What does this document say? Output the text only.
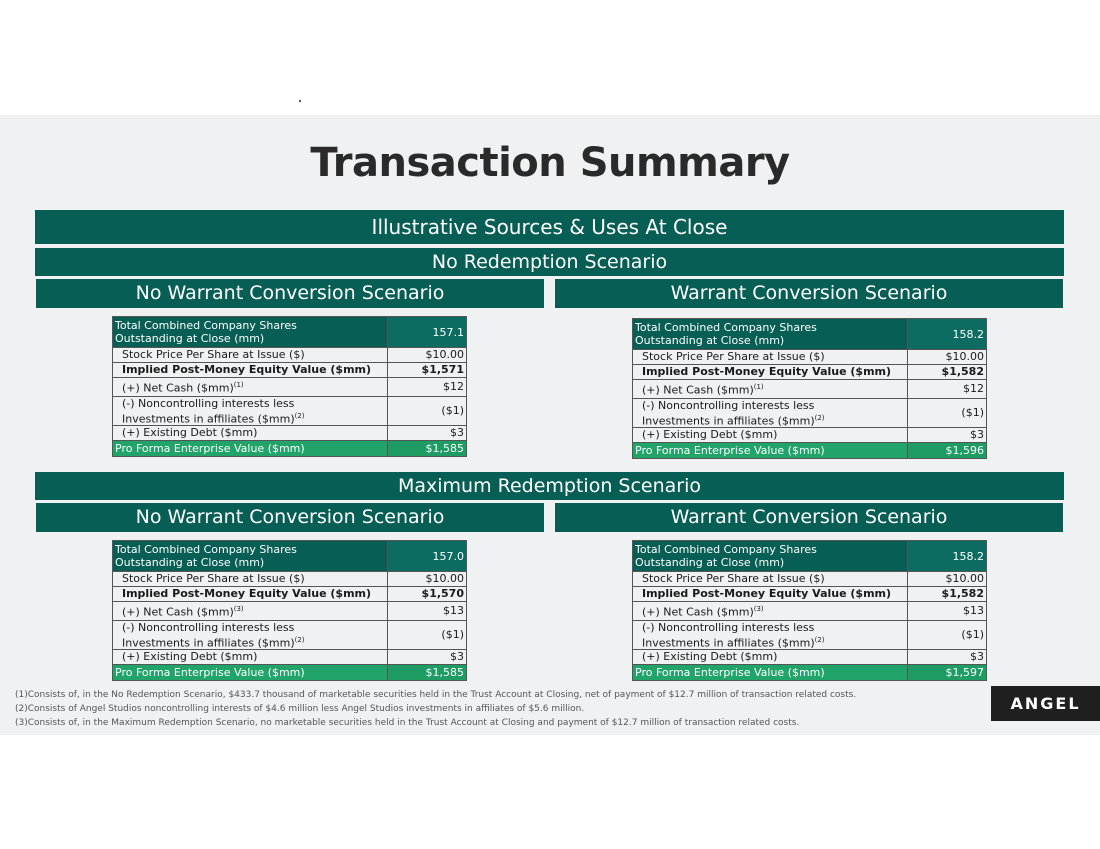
Transaction Summary
Illustrative Sources & Uses At Close
No Redemption Scenario
No Warrant Conversion Scenario	Warrant Conversion Scenario
Total Combined Company Shares
Outstanding at Close (mm)	157.1

Stock Price Per Share at Issue ($)	$10.00
Implied Post-Money Equity Value ($mm)	$1,571
(+) Net Cash ($mm)$^{(1)}$	$12
(-) Noncontrolling interests less
Investments in affiliates ($mm)$^{(2)}$	($1)
(+) Existing Debt ($mm)	$3
Pro Forma Enterprise Value ($mm)	$1,585
Total Combined Company Shares
Outstanding at Close (mm)	158.2

Stock Price Per Share at Issue ($)	$10.00
Implied Post-Money Equity Value ($mm)	$1,582
(+) Net Cash ($mm)$^{(1)}$	$12
(-) Noncontrolling interests less
Investments in affiliates ($mm)$^{(2)}$	($1)
(+) Existing Debt ($mm)	$3
Pro Forma Enterprise Value ($mm)	$1,596
Maximum Redemption Scenario
No Warrant Conversion Scenario	Warrant Conversion Scenario
Total Combined Company Shares
Outstanding at Close (mm)	157.0

Stock Price Per Share at Issue ($)	$10.00
Implied Post-Money Equity Value ($mm)	$1,570
(+) Net Cash ($mm)$^{(3)}$	$13
(-) Noncontrolling interests less
Investments in affiliates ($mm)$^{(2)}$	($1)
(+) Existing Debt ($mm)	$3
Pro Forma Enterprise Value ($mm)	$1,585
Total Combined Company Shares
Outstanding at Close (mm)	158.2

Stock Price Per Share at Issue ($)	$10.00
Implied Post-Money Equity Value ($mm)	$1,582
(+) Net Cash ($mm)$^{(3)}$	$13
(-) Noncontrolling interests less
Investments in affiliates ($mm)$^{(2)}$	($1)
(+) Existing Debt ($mm)	$3
Pro Forma Enterprise Value ($mm)	$1,597
(1)Consists of, in the No Redemption Scenario, $433.7 thousand of marketable securities held in the Trust Account at Closing, net of payment of $12.7 million of transaction related costs.
(2)Consists of Angel Studios noncontrolling interests of $4.6 million less Angel Studios investments in affiliates of $5.6 million.
(3)Consists of, in the Maximum Redemption Scenario, no marketable securities held in the Trust Account at Closing and payment of $12.7 million of transaction related costs.
ANGEL
